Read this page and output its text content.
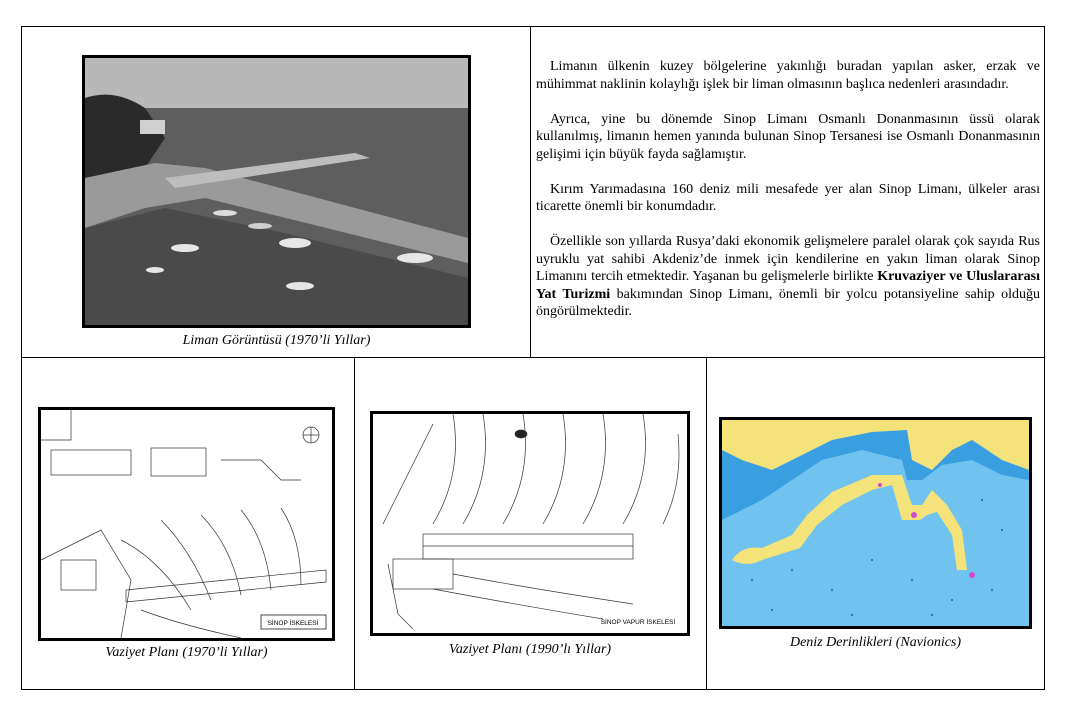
Liman Görüntüsü (1970’li Yıllar)

Limanın ülkenin kuzey bölgelerine yakınlığı buradan yapılan asker, erzak ve mühimmat naklinin kolaylığı işlek bir liman olmasının başlıca nedenleri arasındadır.

Ayrıca, yine bu dönemde Sinop Limanı Osmanlı Donanmasının üssü olarak kullanılmış, limanın hemen yanında bulunan Sinop Tersanesi ise Osmanlı Donanmasının gelişimi için büyük fayda sağlamıştır.

Kırım Yarımadasına 160 deniz mili mesafede yer alan Sinop Limanı, ülkeler arası ticarette önemli bir konumdadır.

Özellikle son yıllarda Rusya’daki ekonomik gelişmelere paralel olarak çok sayıda Rus uyruklu yat sahibi Akdeniz’de inmek için kendilerine en yakın liman olarak Sinop Limanını tercih etmektedir. Yaşanan bu gelişmelerle birlikte Kruvaziyer ve Uluslararası Yat Turizmi bakımından Sinop Limanı, önemli bir yolcu potansiyeline sahip olduğu öngörülmektedir.

SİNOP İSKELESİ
Vaziyet Planı (1970’li Yıllar)
SİNOP VAPUR İSKELESİ
Vaziyet Planı (1990’lı Yıllar)	Deniz Derinlikleri (Navionics)
